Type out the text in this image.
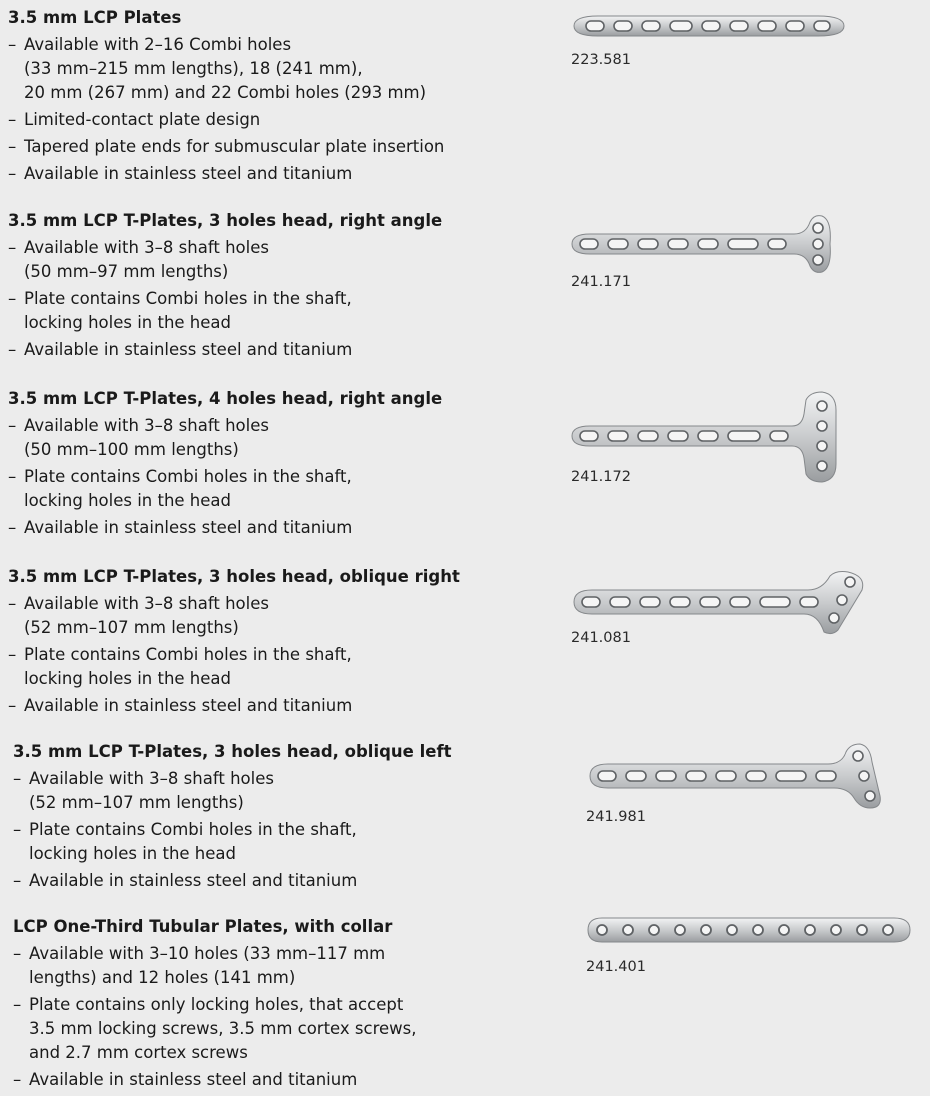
3.5 mm LCP Plates
– Available with 2–16 Combi holes
(33 mm–215 mm lengths), 18 (241 mm),
20 mm (267 mm) and 22 Combi holes (293 mm)
– Limited-contact plate design
– Tapered plate ends for submuscular plate insertion
– Available in stainless steel and titanium
223.581
3.5 mm LCP T-Plates, 3 holes head, right angle
– Available with 3–8 shaft holes
(50 mm–97 mm lengths)
– Plate contains Combi holes in the shaft,
locking holes in the head
– Available in stainless steel and titanium
241.171
3.5 mm LCP T-Plates, 4 holes head, right angle
– Available with 3–8 shaft holes
(50 mm–100 mm lengths)
– Plate contains Combi holes in the shaft,
locking holes in the head
– Available in stainless steel and titanium
241.172
3.5 mm LCP T-Plates, 3 holes head, oblique right
– Available with 3–8 shaft holes
(52 mm–107 mm lengths)
– Plate contains Combi holes in the shaft,
locking holes in the head
– Available in stainless steel and titanium
241.081
3.5 mm LCP T-Plates, 3 holes head, oblique left
– Available with 3–8 shaft holes
(52 mm–107 mm lengths)
– Plate contains Combi holes in the shaft,
locking holes in the head
– Available in stainless steel and titanium
241.981
LCP One-Third Tubular Plates, with collar
– Available with 3–10 holes (33 mm–117 mm
lengths) and 12 holes (141 mm)
– Plate contains only locking holes, that accept
3.5 mm locking screws, 3.5 mm cortex screws,
and 2.7 mm cortex screws
– Available in stainless steel and titanium
241.401
